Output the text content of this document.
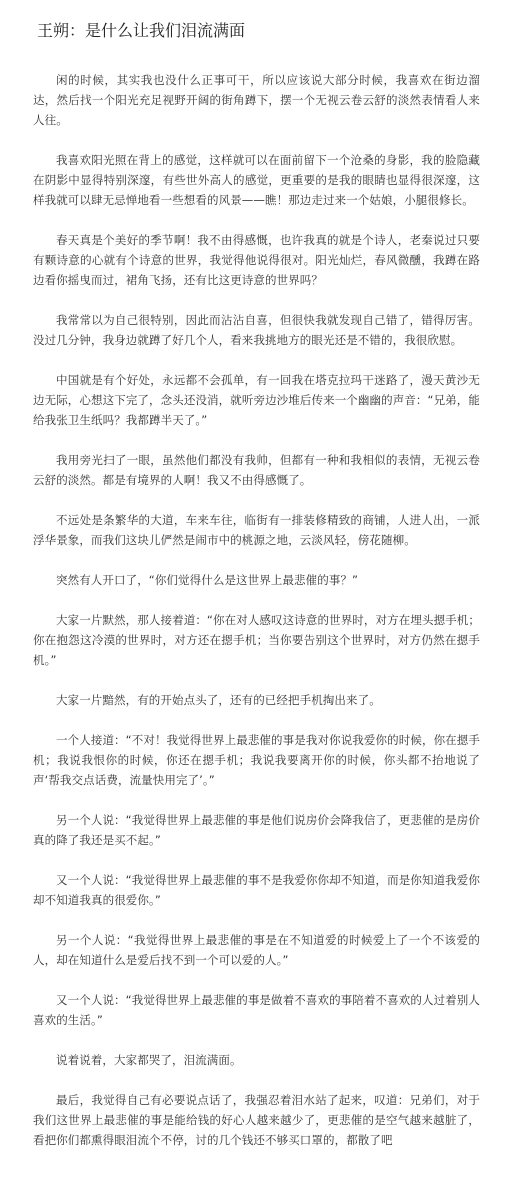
王朔：是什么让我们泪流满面

闲的时候，其实我也没什么正事可干，所以应该说大部分时候，我喜欢在街边溜达，然后找一个阳光充足视野开阔的街角蹲下，摆一个无视云卷云舒的淡然表情看人来人往。

我喜欢阳光照在背上的感觉，这样就可以在面前留下一个沧桑的身影，我的脸隐藏在阴影中显得特别深邃，有些世外高人的感觉，更重要的是我的眼睛也显得很深邃，这样我就可以肆无忌惮地看一些想看的风景——瞧！那边走过来一个姑娘，小腿很修长。

春天真是个美好的季节啊！我不由得感慨，也许我真的就是个诗人，老秦说过只要有颗诗意的心就有个诗意的世界，我觉得他说得很对。阳光灿烂，春风微醺，我蹲在路边看你摇曳而过，裙角飞扬，还有比这更诗意的世界吗？

我常常以为自己很特别，因此而沾沾自喜，但很快我就发现自己错了，错得厉害。没过几分钟，我身边就蹲了好几个人，看来我挑地方的眼光还是不错的，我很欣慰。

中国就是有个好处，永远都不会孤单，有一回我在塔克拉玛干迷路了，漫天黄沙无边无际，心想这下完了，念头还没消，就听旁边沙堆后传来一个幽幽的声音：“兄弟，能给我张卫生纸吗？我都蹲半天了。”

我用旁光扫了一眼，虽然他们都没有我帅，但都有一种和我相似的表情，无视云卷云舒的淡然。都是有境界的人啊！我又不由得感慨了。

不远处是条繁华的大道，车来车往，临街有一排装修精致的商铺，人进人出，一派浮华景象，而我们这块儿俨然是闹市中的桃源之地，云淡风轻，傍花随柳。

突然有人开口了，“你们觉得什么是这世界上最悲催的事？”

大家一片默然，那人接着道：“你在对人感叹这诗意的世界时，对方在埋头摁手机；你在抱怨这冷漠的世界时，对方还在摁手机；当你要告别这个世界时，对方仍然在摁手机。”

大家一片黯然，有的开始点头了，还有的已经把手机掏出来了。

一个人接道：“不对！我觉得世界上最悲催的事是我对你说我爱你的时候，你在摁手机；我说我恨你的时候，你还在摁手机；我说我要离开你的时候，你头都不抬地说了声‘帮我交点话费，流量快用完了’。”

另一个人说：“我觉得世界上最悲催的事是他们说房价会降我信了，更悲催的是房价真的降了我还是买不起。”

又一个人说：“我觉得世界上最悲催的事不是我爱你你却不知道，而是你知道我爱你却不知道我真的很爱你。”

另一个人说：“我觉得世界上最悲催的事是在不知道爱的时候爱上了一个不该爱的人，却在知道什么是爱后找不到一个可以爱的人。”

又一个人说：“我觉得世界上最悲催的事是做着不喜欢的事陪着不喜欢的人过着别人喜欢的生活。”

说着说着，大家都哭了，泪流满面。

最后，我觉得自己有必要说点话了，我强忍着泪水站了起来，叹道：兄弟们，对于我们这世界上最悲催的事是能给钱的好心人越来越少了，更悲催的是空气越来越脏了，看把你们都熏得眼泪流个不停，讨的几个钱还不够买口罩的，都散了吧
